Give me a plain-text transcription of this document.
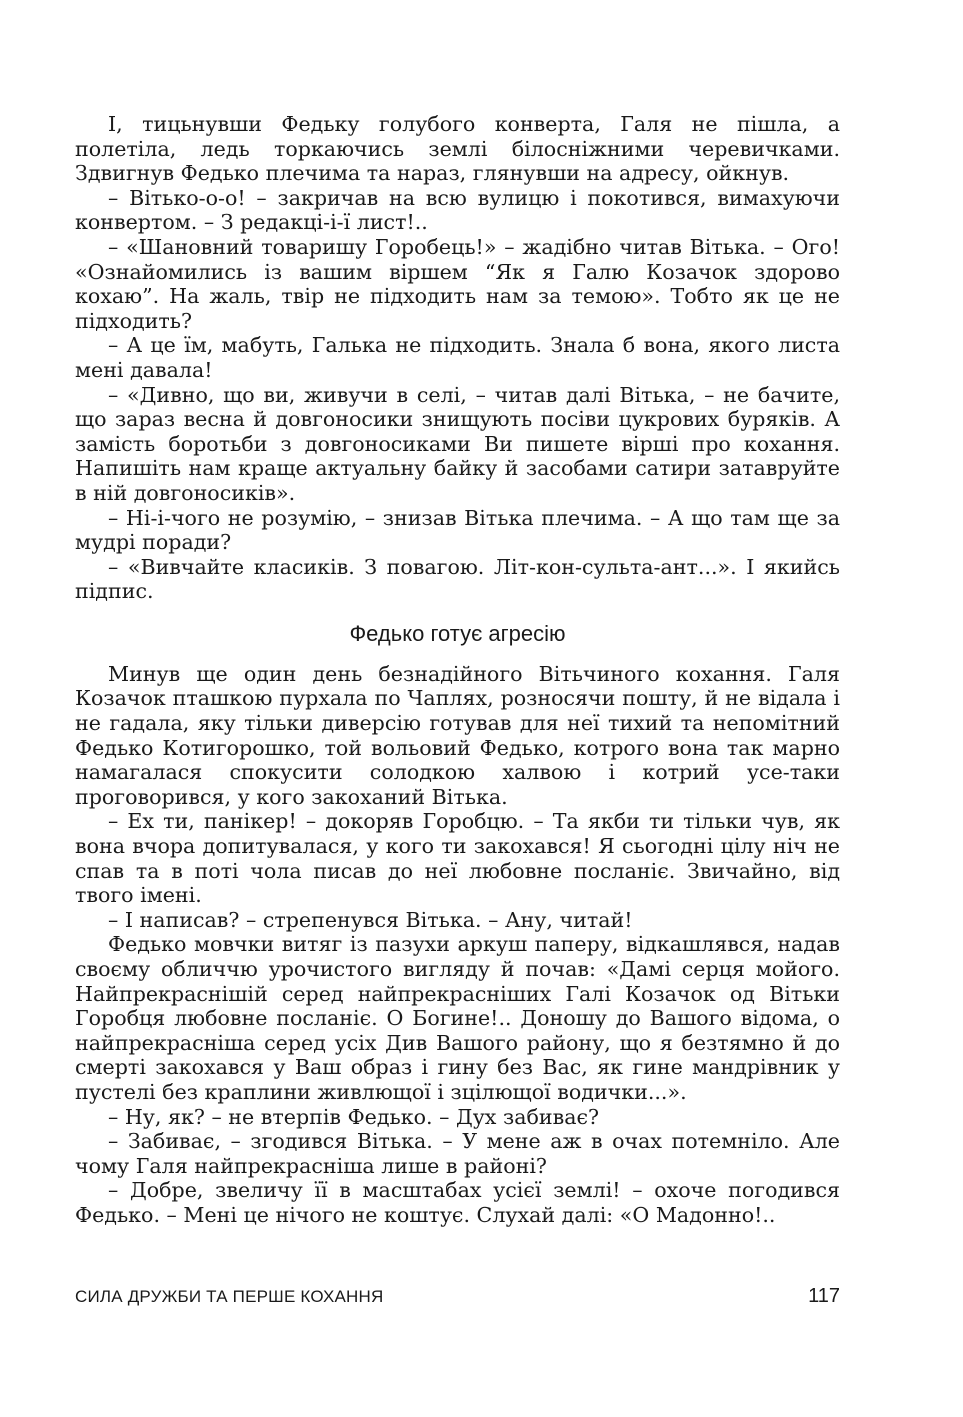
І, тицьнувши Федьку голубого конверта, Галя не пішла, а полетіла, ледь торкаючись землі білосніжними черевичками. Здвигнув Федько плечима та нараз, глянувши на адресу, ойкнув.

– Вітько-о-о! – закричав на всю вулицю і покотився, вимахуючи конвертом. – З редакці-і-ї лист!..

– «Шановний товаришу Горобець!» – жадібно читав Вітька. – Ого! «Ознайомились із вашим віршем “Як я Галю Козачок здорово кохаю”. На жаль, твір не підходить нам за темою». Тобто як це не підходить?

– А це їм, мабуть, Галька не підходить. Знала б вона, якого листа мені давала!

– «Дивно, що ви, живучи в селі, – читав далі Вітька, – не бачите, що зараз весна й довгоносики знищують посіви цукрових буряків. А замість боротьби з довгоносиками Ви пишете вірші про кохання. Напишіть нам краще актуальну байку й засобами сатири затавруйте в ній довгоносиків».

– Ні-і-чого не розумію, – знизав Вітька плечима. – А що там ще за мудрі поради?

– «Вивчайте класиків. З повагою. Літ-кон-сульта-ант...». І якийсь підпис.

Федько готує агресію

Минув ще один день безнадійного Вітьчиного кохання. Галя Козачок пташкою пурхала по Чаплях, розносячи пошту, й не відала і не гадала, яку тільки диверсію готував для неї тихий та непомітний Федько Котигорошко, той вольовий Федько, котрого вона так марно намагалася спокусити солодкою халвою і котрий усе-таки проговорився, у кого закоханий Вітька.

– Ех ти, панікер! – докоряв Горобцю. – Та якби ти тільки чув, як вона вчора допитувалася, у кого ти закохався! Я сьогодні цілу ніч не спав та в поті чола писав до неї любовне посланіє. Звичайно, від твого імені.

– І написав? – стрепенувся Вітька. – Ану, читай!

Федько мовчки витяг із пазухи аркуш паперу, відкашлявся, надав своєму обличчю урочистого вигляду й почав: «Дамі серця мойого. Найпрекраснішій серед найпрекрасніших Галі Козачок од Вітьки Горобця любовне посланіє. О Богине!.. Доношу до Вашого відома, о найпрекрасніша серед усіх Див Вашого району, що я безтямно й до смерті закохався у Ваш образ і гину без Вас, як гине мандрівник у пустелі без краплини живлющої і зцілющої водички...».

– Ну, як? – не втерпів Федько. – Дух забиває?

– Забиває, – згодився Вітька. – У мене аж в очах потемніло. Але чому Галя найпрекрасніша лише в районі?

– Добре, звеличу її в масштабах усієї землі! – охоче погодився Федько. – Мені це нічого не коштує. Слухай далі: «О Мадонно!..

СИЛА ДРУЖБИ ТА ПЕРШЕ КОХАННЯ	117
